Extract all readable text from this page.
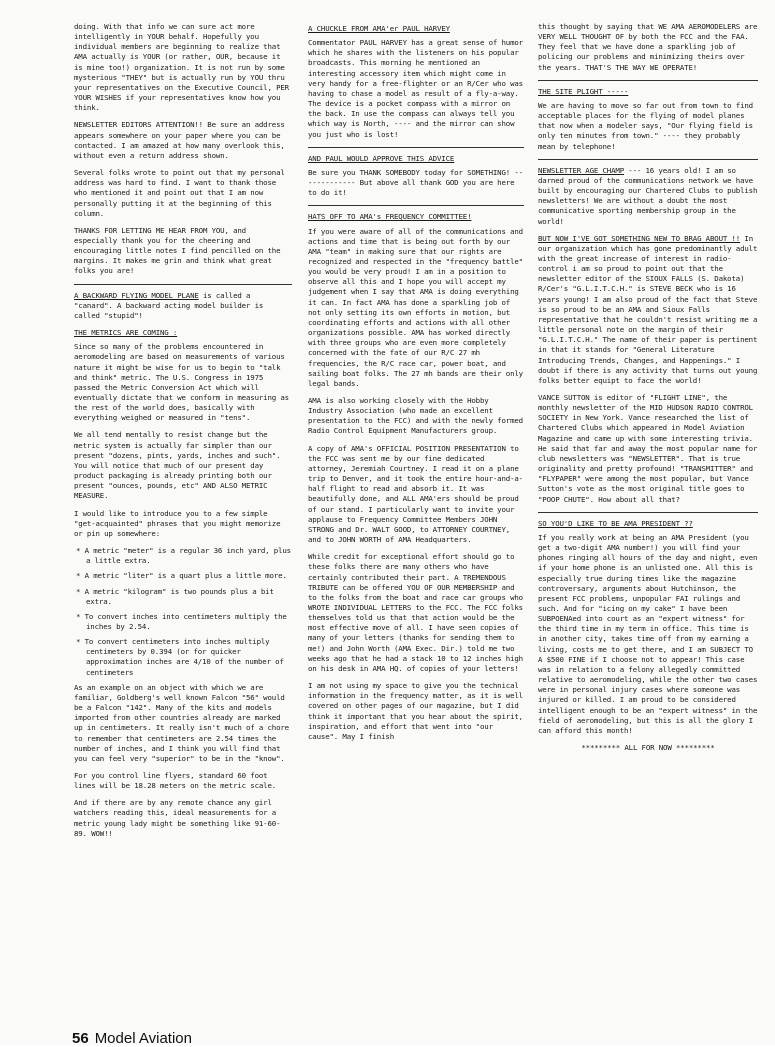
doing. With that info we can sure act more intelligently in YOUR behalf. Hopefully you individual members are beginning to realize that AMA actually is YOUR (or rather, OUR, because it is mine too!) organization. It is not run by some mysterious "THEY" but is actually run by YOU thru your representatives on the Executive Council, PER YOUR WISHES if your representatives know how you think.

NEWSLETTER EDITORS ATTENTION!! Be sure an address appears somewhere on your paper where you can be contacted. I am amazed at how many overlook this, without even a return address shown.

Several folks wrote to point out that my personal address was hard to find. I want to thank those who mentioned it and point out that I am now personally putting it at the beginning of this column.

THANKS FOR LETTING ME HEAR FROM YOU, and especially thank you for the cheering and encouraging little notes I find pencilled on the margins. It makes me grin and think what great folks you are!

A BACKWARD FLYING MODEL PLANE is called a "canard". A backward acting model builder is called "stupid"!

THE METRICS ARE COMING :

Since so many of the problems encountered in aeromodeling are based on measurements of various nature it might be wise for us to begin to "talk and think" metric. The U.S. Congress in 1975 passed the Metric Conversion Act which will eventually dictate that we conform in measuring as the rest of the world does, basically with everything weighed or measured in "tens".

We all tend mentally to resist change but the metric system is actually far simpler than our present "dozens, pints, yards, inches and such". You will notice that much of our present day product packaging is already printing both our present "ounces, pounds, etc" AND ALSO METRIC MEASURE.

I would like to introduce you to a few simple "get-acquainted" phrases that you might memorize or pin up somewhere:

* A metric "meter" is a regular 36 inch yard, plus a little extra.
* A metric "liter" is a quart plus a little more.
* A metric "kilogram" is two pounds plus a bit extra.
* To convert inches into centimeters multiply the inches by 2.54.
* To convert centimeters into inches multiply centimeters by 0.394 (or for quicker approximation inches are 4/10 of the number of centimeters

As an example on an object with which we are familiar, Goldberg's well known Falcon "56" would be a Falcon "142". Many of the kits and models imported from other countries already are marked up in centimeters. It really isn't much of a chore to remember that centimeters are 2.54 times the number of inches, and I think you will find that you can feel very "superior" to be in the "know".

For you control line flyers, standard 60 foot lines will be 18.28 meters on the metric scale.

And if there are by any remote chance any girl watchers reading this, ideal measurements for a metric young lady might be something like 91-60-89. WOW!!

A CHUCKLE FROM AMA'er PAUL HARVEY

Commentator PAUL HARVEY has a great sense of humor which he shares with the listeners on his popular broadcasts. This morning he mentioned an interesting accessory item which might come in very handy for a free-flighter or an R/Cer who was having to chase a model as result of a fly-a-way. The device is a pocket compass with a mirror on the back. In use the compass can always tell you which way is North, ---- and the mirror can show you just who is lost!

AND PAUL WOULD APPROVE THIS ADVICE

Be sure you THANK SOMEBODY today for SOMETHING! ------------- But above all thank GOD you are here to do it!

HATS OFF TO AMA's FREQUENCY COMMITTEE!

If you were aware of all of the communications and actions and time that is being out forth by our AMA "team" in making sure that our rights are recognized and respected in the "frequency battle" you would be very proud! I am in a position to observe all this and I hope you will accept my judgement when I say that AMA is doing everything it can. In fact AMA has done a sparkling job of not only setting its own efforts in motion, but coordinating efforts and actions with all other organizations possible. AMA has worked directly with three groups who are even more completely concerned with the fate of our R/C 27 mh frequencies, the R/C race car, power boat, and sailing boat folks. The 27 mh bands are their only legal bands.

AMA is also working closely with the Hobby Industry Association (who made an excellent presentation to the FCC) and with the newly formed Radio Control Equipment Manufacturers group.

A copy of AMA's OFFICIAL POSITION PRESENTATION to the FCC was sent me by our fine dedicated attorney, Jeremiah Courtney. I read it on a plane trip to Denver, and it took the entire hour-and-a-half flight to read and absorb it. It was beautifully done, and ALL AMA'ers should be proud of our stand. I particularly want to invite your applause to Frequency Committee Members JOHN STRONG and Dr. WALT GOOD, to ATTORNEY COURTNEY, and to JOHN WORTH of AMA Headquarters.

While credit for exceptional effort should go to these folks there are many others who have certainly contributed their part. A TREMENDOUS TRIBUTE can be offered YOU OF OUR MEMBERSHIP and to the folks from the boat and race car groups who WROTE INDIVIDUAL LETTERS to the FCC. The FCC folks themselves told us that that action would be the most effective move of all. I have seen copies of many of your letters (thanks for sending them to me!) and John Worth (AMA Exec. Dir.) told me two weeks ago that he had a stack 10 to 12 inches high on his desk in AMA HQ. of copies of your letters!

I am not using my space to give you the technical information in the frequency matter, as it is well covered on other pages of our magazine, but I did think it important that you hear about the spirit, inspiration, and effort that went into "our cause". May I finish

this thought by saying that WE AMA AEROMODELERS are VERY WELL THOUGHT OF by both the FCC and the FAA. They feel that we have done a sparkling job of policing our problems and minimizing theirs over the years. THAT'S THE WAY WE OPERATE!

THE SITE PLIGHT -----

We are having to move so far out from town to find acceptable places for the flying of model planes that now when a modeler says, "Our flying field is only ten minutes from town." ---- they probably mean by telephone!

NEWSLETTER AGE CHAMP --- 16 years old! I am so darned proud of the communications network we have built by encouraging our Chartered Clubs to publish newsletters! We are without a doubt the most communicative sporting membership group in the world!

BUT NOW I'VE GOT SOMETHING NEW TO BRAG ABOUT !! In our organization which has gone predominantly adult with the great increase of interest in radio-control i am so proud to point out that the newsletter editor of the SIOUX FALLS (S. Dakota) R/Cer's "G.L.I.T.C.H." is STEVE BECK who is 16 years young! I am also proud of the fact that Steve is so proud to be an AMA and Sioux Falls representative that he couldn't resist writing me a little personal note on the margin of their "G.L.I.T.C.H." The name of their paper is pertinent in that it stands for "General Literature Introducing Trends, Changes, and Happenings." I doubt if there is any activity that turns out young folks better equipt to face the world!

VANCE SUTTON is editor of "FLIGHT LINE", the monthly newsletter of the MID HUDSON RADIO CONTROL SOCIETY in New York. Vance researched the list of Chartered Clubs which appeared in Model Aviation Magazine and came up with some interesting trivia. He said that far and away the most popular name for club newsletters was "NEWSLETTER". That is true originality and pretty profound! "TRANSMITTER" and "FLYPAPER" were among the most popular, but Vance Sutton's vote as the most original title goes to "POOP CHUTE". How about all that?

SO YOU'D LIKE TO BE AMA PRESIDENT ??

If you really work at being an AMA President (you get a two-digit AMA number!) you will find your phones ringing all hours of the day and night, even if your home phone is an unlisted one. All this is especially true during times like the magazine controversary, arguments about Hutchinson, the present FCC problems, unpopular FAI rulings and such. And for "icing on my cake" I have been SUBPOENAed into court as an "expert witness" for the third time in my term in office. This time is in another city, takes time off from my earning a living, costs me to get there, and I am SUBJECT TO A $500 FINE if I choose not to appear! This case was in relation to a felony allegedly committed relative to aeromodeling, while the other two cases were in personal injury cases where someone was injured or killed. I am proud to be considered intelligent enough to be an "expert witness" in the field of aeromodeling, but this is all the glory I can afford this month!

********* ALL FOR NOW *********

56 Model Aviation
